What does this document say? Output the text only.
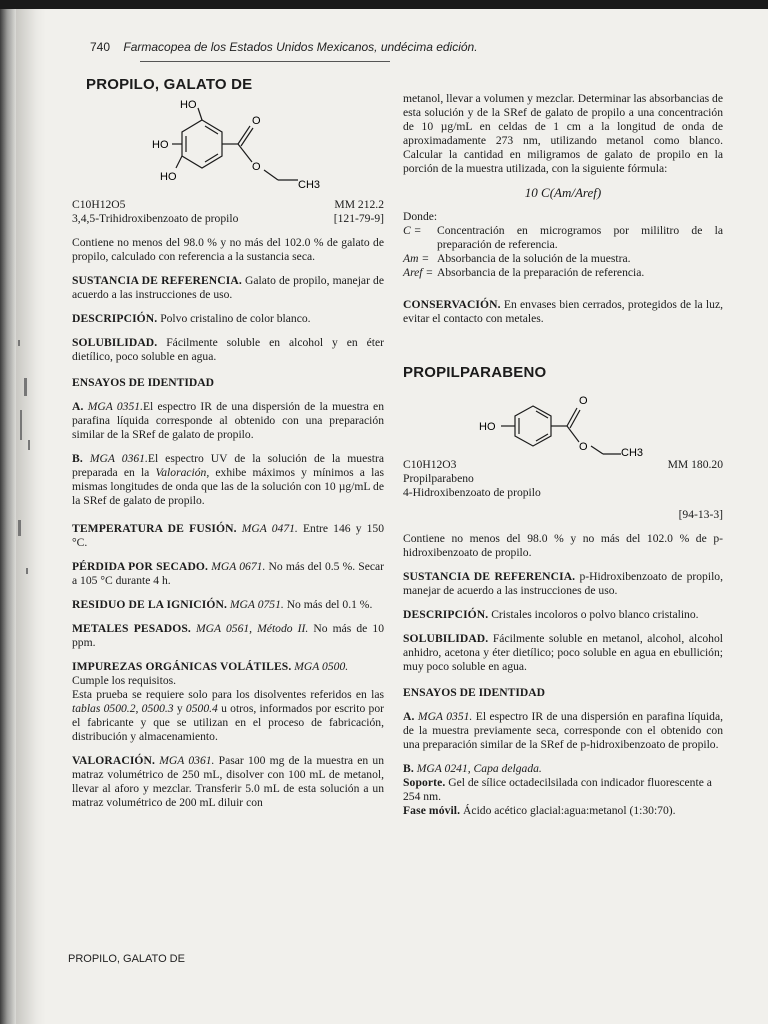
740 Farmacopea de los Estados Unidos Mexicanos, undécima edición.
PROPILO, GALATO DE
HO
HO
HO
O
O
CH3
C10H12O5	MM 212.2
3,4,5-Trihidroxibenzoato de propilo	[121-79-9]

Contiene no menos del 98.0 % y no más del 102.0 % de galato de propilo, calculado con referencia a la sustancia seca.

SUSTANCIA DE REFERENCIA. Galato de propilo, manejar de acuerdo a las instrucciones de uso.

DESCRIPCIÓN. Polvo cristalino de color blanco.

SOLUBILIDAD. Fácilmente soluble en alcohol y en éter dietílico, poco soluble en agua.

ENSAYOS DE IDENTIDAD

A. MGA 0351.El espectro IR de una dispersión de la muestra en parafina líquida corresponde al obtenido con una preparación similar de la SRef de galato de propilo.

B. MGA 0361.El espectro UV de la solución de la muestra preparada en la Valoración, exhibe máximos y mínimos a las mismas longitudes de onda que las de la solución con 10 µg/mL de la SRef de galato de propilo.

TEMPERATURA DE FUSIÓN. MGA 0471. Entre 146 y 150 °C.

PÉRDIDA POR SECADO. MGA 0671. No más del 0.5 %. Secar a 105 °C durante 4 h.

RESIDUO DE LA IGNICIÓN. MGA 0751. No más del 0.1 %.

METALES PESADOS. MGA 0561, Método II. No más de 10 ppm.

IMPUREZAS ORGÁNICAS VOLÁTILES. MGA 0500.
Cumple los requisitos.
Esta prueba se requiere solo para los disolventes referidos en las tablas 0500.2, 0500.3 y 0500.4 u otros, informados por escrito por el fabricante y que se utilizan en el proceso de fabricación, distribución y almacenamiento.

VALORACIÓN. MGA 0361. Pasar 100 mg de la muestra en un matraz volumétrico de 250 mL, disolver con 100 mL de metanol, llevar al aforo y mezclar. Transferir 5.0 mL de esta solución a un matraz volumétrico de 200 mL diluir con

metanol, llevar a volumen y mezclar. Determinar las absorbancias de esta solución y de la SRef de galato de propilo a una concentración de 10 µg/mL en celdas de 1 cm a la longitud de onda de aproximadamente 273 nm, utilizando metanol como blanco. Calcular la cantidad en miligramos de galato de propilo en la porción de la muestra utilizada, con la siguiente fórmula:

10 C(Am/Aref)
Donde:
C =	Concentración en microgramos por mililitro de la preparación de referencia.
Am = Absorbancia de la solución de la muestra.
Aref = Absorbancia de la preparación de referencia.

CONSERVACIÓN. En envases bien cerrados, protegidos de la luz, evitar el contacto con metales.

PROPILPARABENO
HO
O
O	CH3
C10H12O3	MM 180.20
Propilparabeno
4-Hidroxibenzoato de propilo
[94-13-3]

Contiene no menos del 98.0 % y no más del 102.0 % de p-hidroxibenzoato de propilo.

SUSTANCIA DE REFERENCIA. p-Hidroxibenzoato de propilo, manejar de acuerdo a las instrucciones de uso.

DESCRIPCIÓN. Cristales incoloros o polvo blanco cristalino.

SOLUBILIDAD. Fácilmente soluble en metanol, alcohol, alcohol anhidro, acetona y éter dietílico; poco soluble en agua en ebullición; muy poco soluble en agua.

ENSAYOS DE IDENTIDAD

A. MGA 0351. El espectro IR de una dispersión en parafina líquida, de la muestra previamente seca, corresponde con el obtenido con una preparación similar de la SRef de p-hidroxibenzoato de propilo.

B. MGA 0241, Capa delgada.
Soporte. Gel de sílice octadecilsilada con indicador fluorescente a 254 nm.
Fase móvil. Ácido acético glacial:agua:metanol (1:30:70).
PROPILO, GALATO DE
